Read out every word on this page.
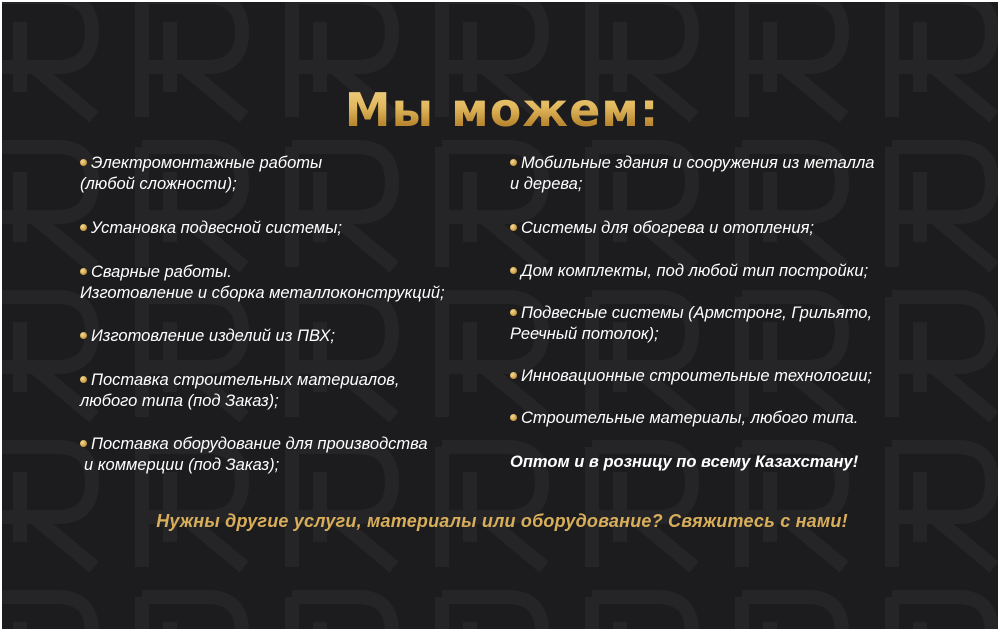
Мы можем:
Электромонтажные работы
(любой сложности);
Установка подвесной системы;
Сварные работы.
Изготовление и сборка металлоконструкций;
Изготовление изделий из ПВХ;
Поставка строительных материалов,
любого типа (под Заказ);
Поставка оборудование для производства
и коммерции (под Заказ);
Мобильные здания и сооружения из металла
и дерева;
Системы для обогрева и отопления;
Дом комплекты, под любой тип постройки;
Подвесные системы (Армстронг, Грильято,
Реечный потолок);
Инновационные строительные технологии;
Строительные материалы, любого типа.
Оптом и в розницу по всему Казахстану!

Нужны другие услуги, материалы или оборудование? Свяжитесь с нами!
